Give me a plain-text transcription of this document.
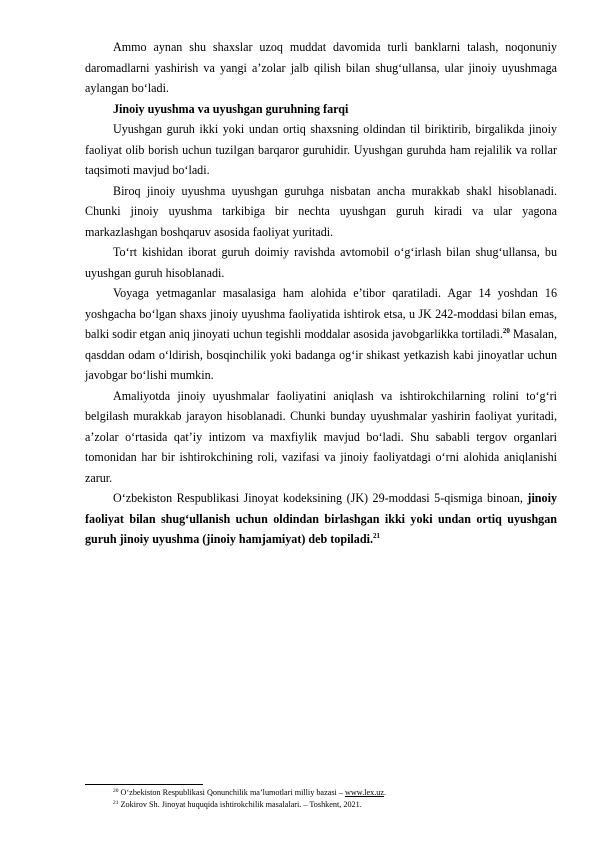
Ammo aynan shu shaxslar uzoq muddat davomida turli banklarni talash, noqonuniy daromadlarni yashirish va yangi a’zolar jalb qilish bilan shug‘ullansa, ular jinoiy uyushmaga aylangan bo‘ladi.

Jinoiy uyushma va uyushgan guruhning farqi

Uyushgan guruh ikki yoki undan ortiq shaxsning oldindan til biriktirib, birgalikda jinoiy faoliyat olib borish uchun tuzilgan barqaror guruhidir. Uyushgan guruhda ham rejalilik va rollar taqsimoti mavjud bo‘ladi.

Biroq jinoiy uyushma uyushgan guruhga nisbatan ancha murakkab shakl hisoblanadi. Chunki jinoiy uyushma tarkibiga bir nechta uyushgan guruh kiradi va ular yagona markazlashgan boshqaruv asosida faoliyat yuritadi.

To‘rt kishidan iborat guruh doimiy ravishda avtomobil o‘g‘irlash bilan shug‘ullansa, bu uyushgan guruh hisoblanadi.

Voyaga yetmaganlar masalasiga ham alohida e’tibor qaratiladi. Agar 14 yoshdan 16 yoshgacha bo‘lgan shaxs jinoiy uyushma faoliyatida ishtirok etsa, u JK 242-moddasi bilan emas, balki sodir etgan aniq jinoyati uchun tegishli moddalar asosida javobgarlikka tortiladi.$^{20}$ Masalan, qasddan odam o‘ldirish, bosqinchilik yoki badanga og‘ir shikast yetkazish kabi jinoyatlar uchun javobgar bo‘lishi mumkin.

Amaliyotda jinoiy uyushmalar faoliyatini aniqlash va ishtirokchilarning rolini to‘g‘ri belgilash murakkab jarayon hisoblanadi. Chunki bunday uyushmalar yashirin faoliyat yuritadi, a’zolar o‘rtasida qat’iy intizom va maxfiylik mavjud bo‘ladi. Shu sababli tergov organlari tomonidan har bir ishtirokchining roli, vazifasi va jinoiy faoliyatdagi o‘rni alohida aniqlanishi zarur.

O‘zbekiston Respublikasi Jinoyat kodeksining (JK) 29-moddasi 5-qismiga binoan, jinoiy faoliyat bilan shug‘ullanish uchun oldindan birlashgan ikki yoki undan ortiq uyushgan guruh jinoiy uyushma (jinoiy hamjamiyat) deb topiladi.$^{21}$

$^{20}$ O‘zbekiston Respublikasi Qonunchilik ma’lumotlari milliy bazasi – www.lex.uz.
$^{21}$ Zokirov Sh. Jinoyat huquqida ishtirokchilik masalalari. – Toshkent, 2021.
